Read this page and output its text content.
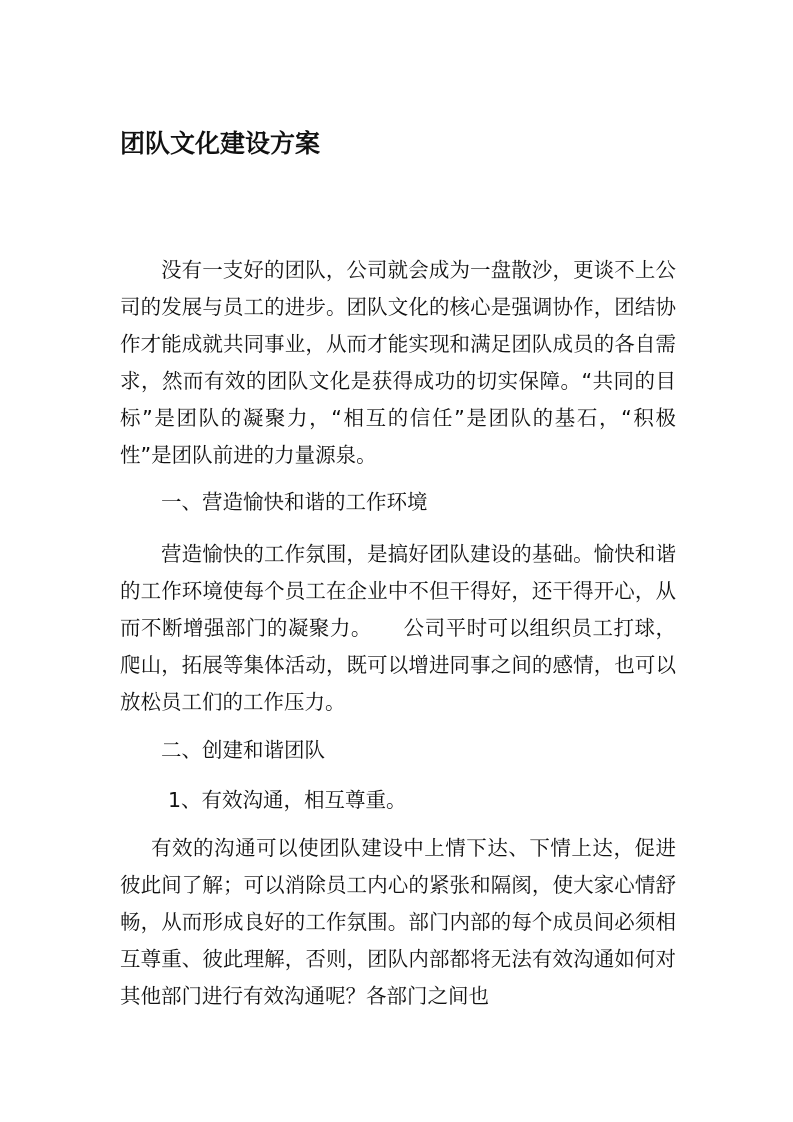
团队文化建设方案

没有一支好的团队，公司就会成为一盘散沙，更谈不上公司的发展与员工的进步。团队文化的核心是强调协作，团结协作才能成就共同事业，从而才能实现和满足团队成员的各自需求，然而有效的团队文化是获得成功的切实保障。“共同的目标”是团队的凝聚力，“相互的信任”是团队的基石，“积极性”是团队前进的力量源泉。

一、营造愉快和谐的工作环境

营造愉快的工作氛围，是搞好团队建设的基础。愉快和谐的工作环境使每个员工在企业中不但干得好，还干得开心，从而不断增强部门的凝聚力。　　公司平时可以组织员工打球，爬山，拓展等集体活动，既可以增进同事之间的感情，也可以放松员工们的工作压力。

二、创建和谐团队

1、有效沟通，相互尊重。

有效的沟通可以使团队建设中上情下达、下情上达，促进彼此间了解；可以消除员工内心的紧张和隔阂，使大家心情舒畅，从而形成良好的工作氛围。部门内部的每个成员间必须相互尊重、彼此理解，否则，团队内部都将无法有效沟通如何对其他部门进行有效沟通呢？各部门之间也
